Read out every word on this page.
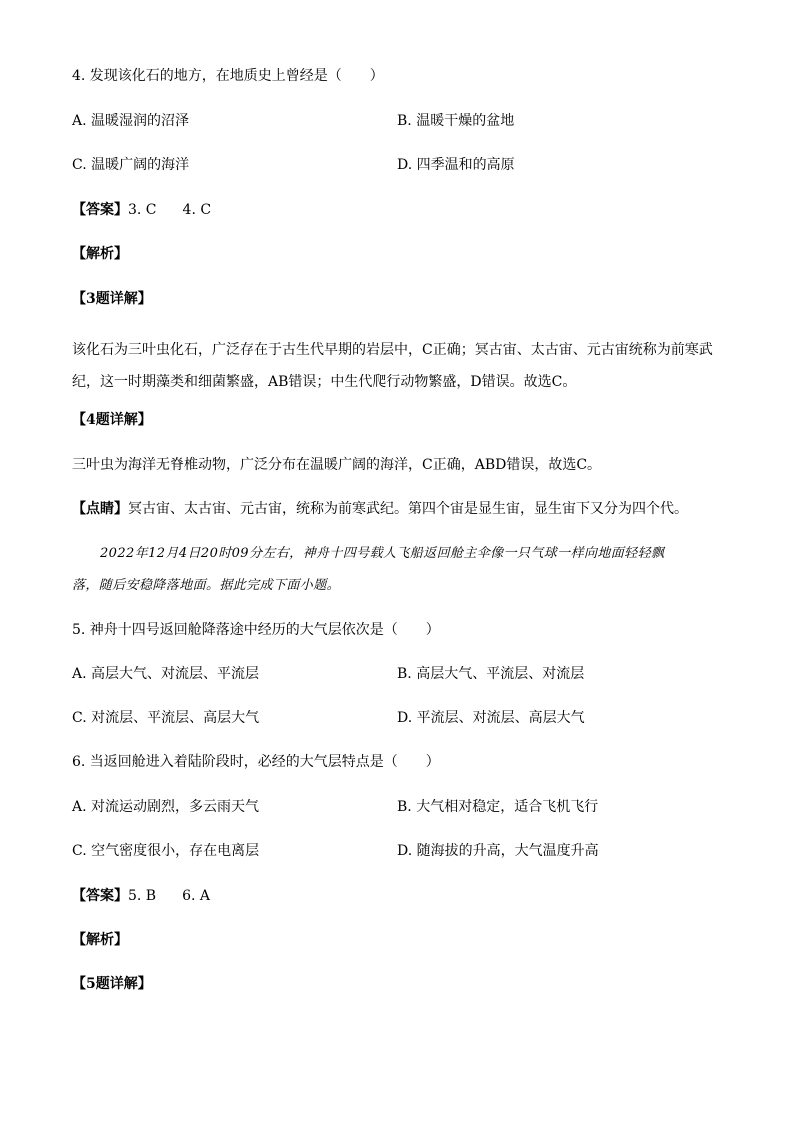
4. 发现该化石的地方，在地质史上曾经是（　　）
A. 温暖湿润的沼泽	B. 温暖干燥的盆地
C. 温暖广阔的海洋	D. 四季温和的高原
【答案】3. C 4. C
【解析】
【3题详解】
该化石为三叶虫化石，广泛存在于古生代早期的岩层中，C正确；冥古宙、太古宙、元古宙统称为前寒武纪，这一时期藻类和细菌繁盛，AB错误；中生代爬行动物繁盛，D错误。故选C。
【4题详解】
三叶虫为海洋无脊椎动物，广泛分布在温暖广阔的海洋，C正确，ABD错误，故选C。
【点睛】冥古宙、太古宙、元古宙，统称为前寒武纪。第四个宙是显生宙，显生宙下又分为四个代。
2022年12月4日20时09分左右，神舟十四号载人飞船返回舱主伞像一只气球一样向地面轻轻飘
落，随后安稳降落地面。据此完成下面小题。
5. 神舟十四号返回舱降落途中经历的大气层依次是（　　）
A. 高层大气、对流层、平流层	B. 高层大气、平流层、对流层
C. 对流层、平流层、高层大气	D. 平流层、对流层、高层大气
6. 当返回舱进入着陆阶段时，必经的大气层特点是（　　）
A. 对流运动剧烈，多云雨天气	B. 大气相对稳定，适合飞机飞行
C. 空气密度很小，存在电离层	D. 随海拔的升高，大气温度升高
【答案】5. B 6. A
【解析】
【5题详解】
